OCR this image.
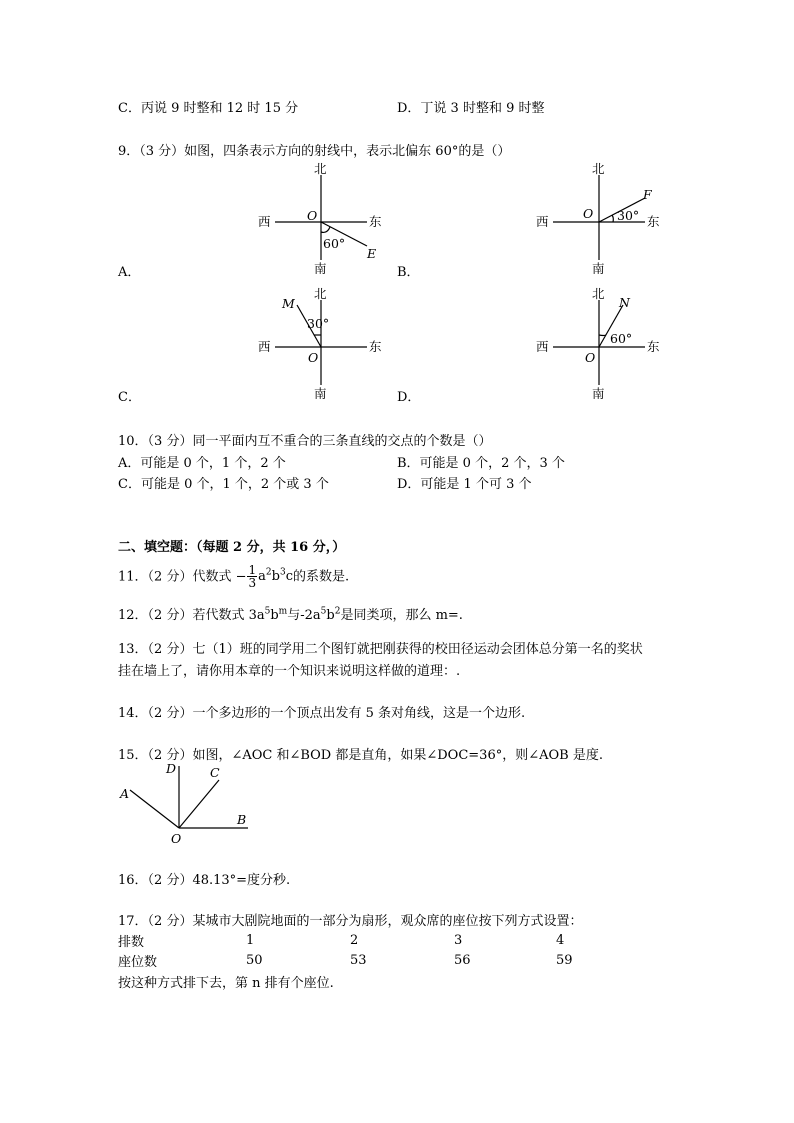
C．丙说 9 时整和 12 时 15 分	D．丁说 3 时整和 9 时整
9．（3 分）如图，四条表示方向的射线中，表示北偏东 60°的是（）
北
南
西	东
O
60°
E
A．
北
南
西	东
O 30°
F
B．
北
南
西	东
O
30°
M
C．
北
南
西	东
O
60°
N
D．
10．（3 分）同一平面内互不重合的三条直线的交点的个数是（）
A．可能是 0 个，1 个，2 个	B．可能是 0 个，2 个，3 个
C．可能是 0 个，1 个，2 个或 3 个	D．可能是 1 个可 3 个
二、填空题：（每题 2 分，共 16 分，）
11．（2 分）代数式 − $\frac{1}{3} a^2b^3c$的系数是.
12．（2 分）若代数式 $3a^5b^m$与$-2a^5b^2$是同类项，那么 m=.
13．（2 分）七（1）班的同学用二个图钉就把刚获得的校田径运动会团体总分第一名的奖状
挂在墙上了，请你用本章的一个知识来说明这样做的道理：.
14．（2 分）一个多边形的一个顶点出发有 5 条对角线，这是一个边形.
15．（2 分）如图，∠AOC 和∠BOD 都是直角，如果∠DOC=36°，则∠AOB 是度.
A
D	C
B
O
16．（2 分）48.13°=度分秒.
17．（2 分）某城市大剧院地面的一部分为扇形，观众席的座位按下列方式设置：
排数	1	2	3	4
座位数	50	53	56	59
按这种方式排下去，第 n 排有个座位.
